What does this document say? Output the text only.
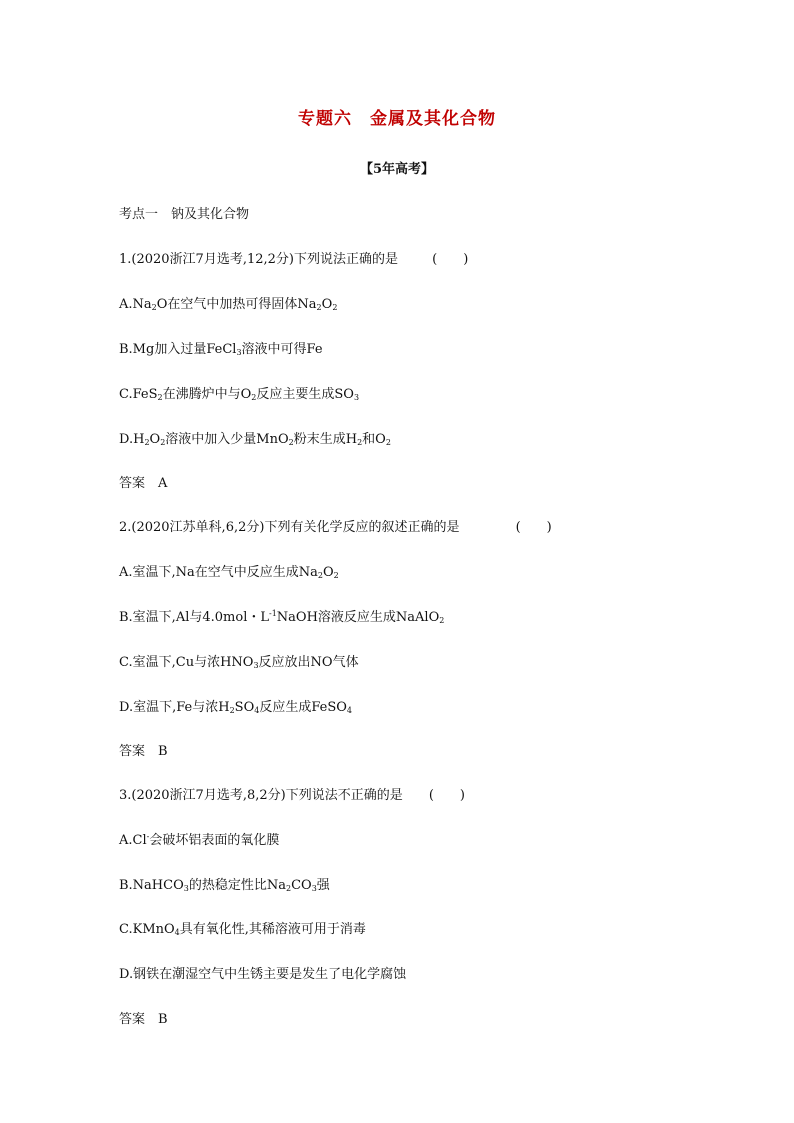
专题六　金属及其化合物
【5年高考】
考点一　钠及其化合物
1.(2020浙江7月选考,12,2分)下列说法正确的是	(　　)
$A.Na_2O$在空气中加热可得固体$Na_2O_2$
B.Mg加入过量FeCl$_3$溶液中可得Fe
C.FeS$_2$在沸腾炉中与$O_2$反应主要生成$SO_3$
$D.H_2O_2$溶液中加入少量MnO$_2$粉末生成$H_2$和$O_2$
答案　A
2.(2020江苏单科,6,2分)下列有关化学反应的叙述正确的是	(　　)
A.室温下,Na在空气中反应生成$Na_2O_2$
B.室温下,Al与4.0mol・$L^{-1}NaOH$溶液反应生成NaAlO$_2$
C.室温下,Cu与浓$HNO_3$反应放出NO气体
D.室温下,Fe与浓$H_2SO_4$反应生成FeSO$_4$
答案　B
3.(2020浙江7月选考,8,2分)下列说法不正确的是 (　　)
A.Cl-会破坏铝表面的氧化膜
B.NaHCO$_3$的热稳定性比$Na_2CO_3$强
C.KMnO$_4$具有氧化性,其稀溶液可用于消毒
D.钢铁在潮湿空气中生锈主要是发生了电化学腐蚀
答案　B
